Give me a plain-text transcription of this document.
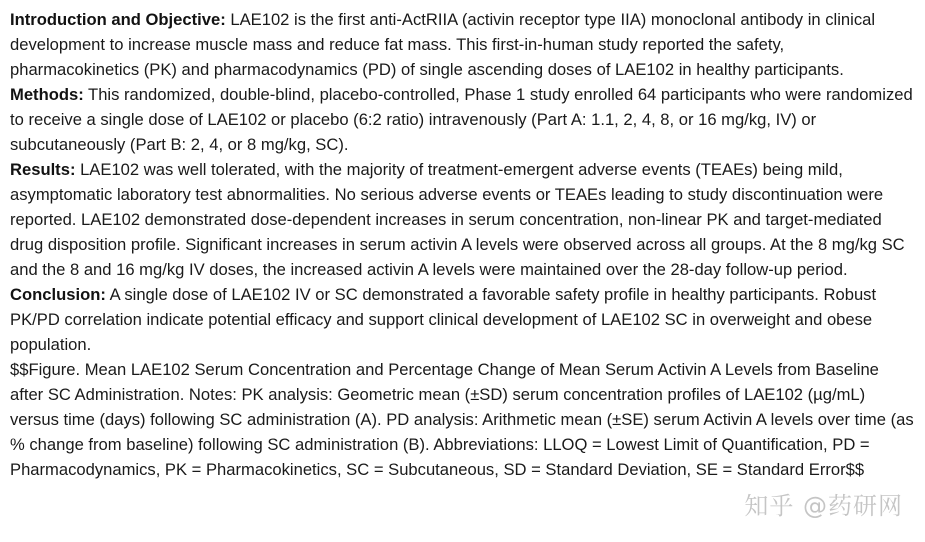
Introduction and Objective: LAE102 is the first anti-ActRIIA (activin receptor type IIA) monoclonal antibody in clinical development to increase muscle mass and reduce fat mass. This first-in-human study reported the safety, pharmacokinetics (PK) and pharmacodynamics (PD) of single ascending doses of LAE102 in healthy participants.

Methods: This randomized, double-blind, placebo-controlled, Phase 1 study enrolled 64 participants who were randomized to receive a single dose of LAE102 or placebo (6:2 ratio) intravenously (Part A: 1.1, 2, 4, 8, or 16 mg/kg, IV) or subcutaneously (Part B: 2, 4, or 8 mg/kg, SC).

Results: LAE102 was well tolerated, with the majority of treatment-emergent adverse events (TEAEs) being mild, asymptomatic laboratory test abnormalities. No serious adverse events or TEAEs leading to study discontinuation were reported. LAE102 demonstrated dose-dependent increases in serum concentration, non-linear PK and target-mediated drug disposition profile. Significant increases in serum activin A levels were observed across all groups. At the 8 mg/kg SC and the 8 and 16 mg/kg IV doses, the increased activin A levels were maintained over the 28-day follow-up period.

Conclusion: A single dose of LAE102 IV or SC demonstrated a favorable safety profile in healthy participants. Robust PK/PD correlation indicate potential efficacy and support clinical development of LAE102 SC in overweight and obese population.

$$Figure. Mean LAE102 Serum Concentration and Percentage Change of Mean Serum Activin A Levels from Baseline after SC Administration. Notes: PK analysis: Geometric mean (±SD) serum concentration profiles of LAE102 (µg/mL) versus time (days) following SC administration (A). PD analysis: Arithmetic mean (±SE) serum Activin A levels over time (as % change from baseline) following SC administration (B). Abbreviations: LLOQ = Lowest Limit of Quantification, PD = Pharmacodynamics, PK = Pharmacokinetics, SC = Subcutaneous, SD = Standard Deviation, SE = Standard Error$$

知乎 @药研网
